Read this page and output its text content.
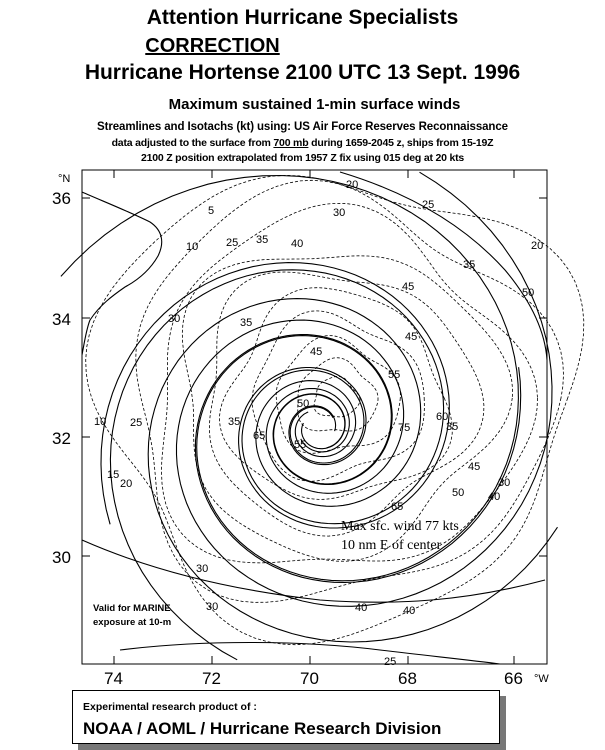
Attention Hurricane Specialists
CORRECTION
Hurricane Hortense 2100 UTC 13 Sept. 1996
Maximum sustained 1-min surface winds
Streamlines and Isotachs (kt) using: US Air Force Reserves Reconnaissance
data adjusted to the surface from 700 mb during 1659-2045 z, ships from 15-19Z
2100 Z position extrapolated from 1957 Z fix using 015 deg at 20 kts
5
10
15
20
20
20
25
25
25
25
30
30
30
30
30
35
35
35
35
35
40
40
40
40
45
45
45
45
50
50
50
55
55
60
65
65
75
10
36
34
32
30
°N
74	72	70	68	66 °W
Max sfc. wind 77 kts
10 nm E of center
Valid for MARINE
exposure at 10-m
Experimental research product of :
NOAA / AOML / Hurricane Research Division
